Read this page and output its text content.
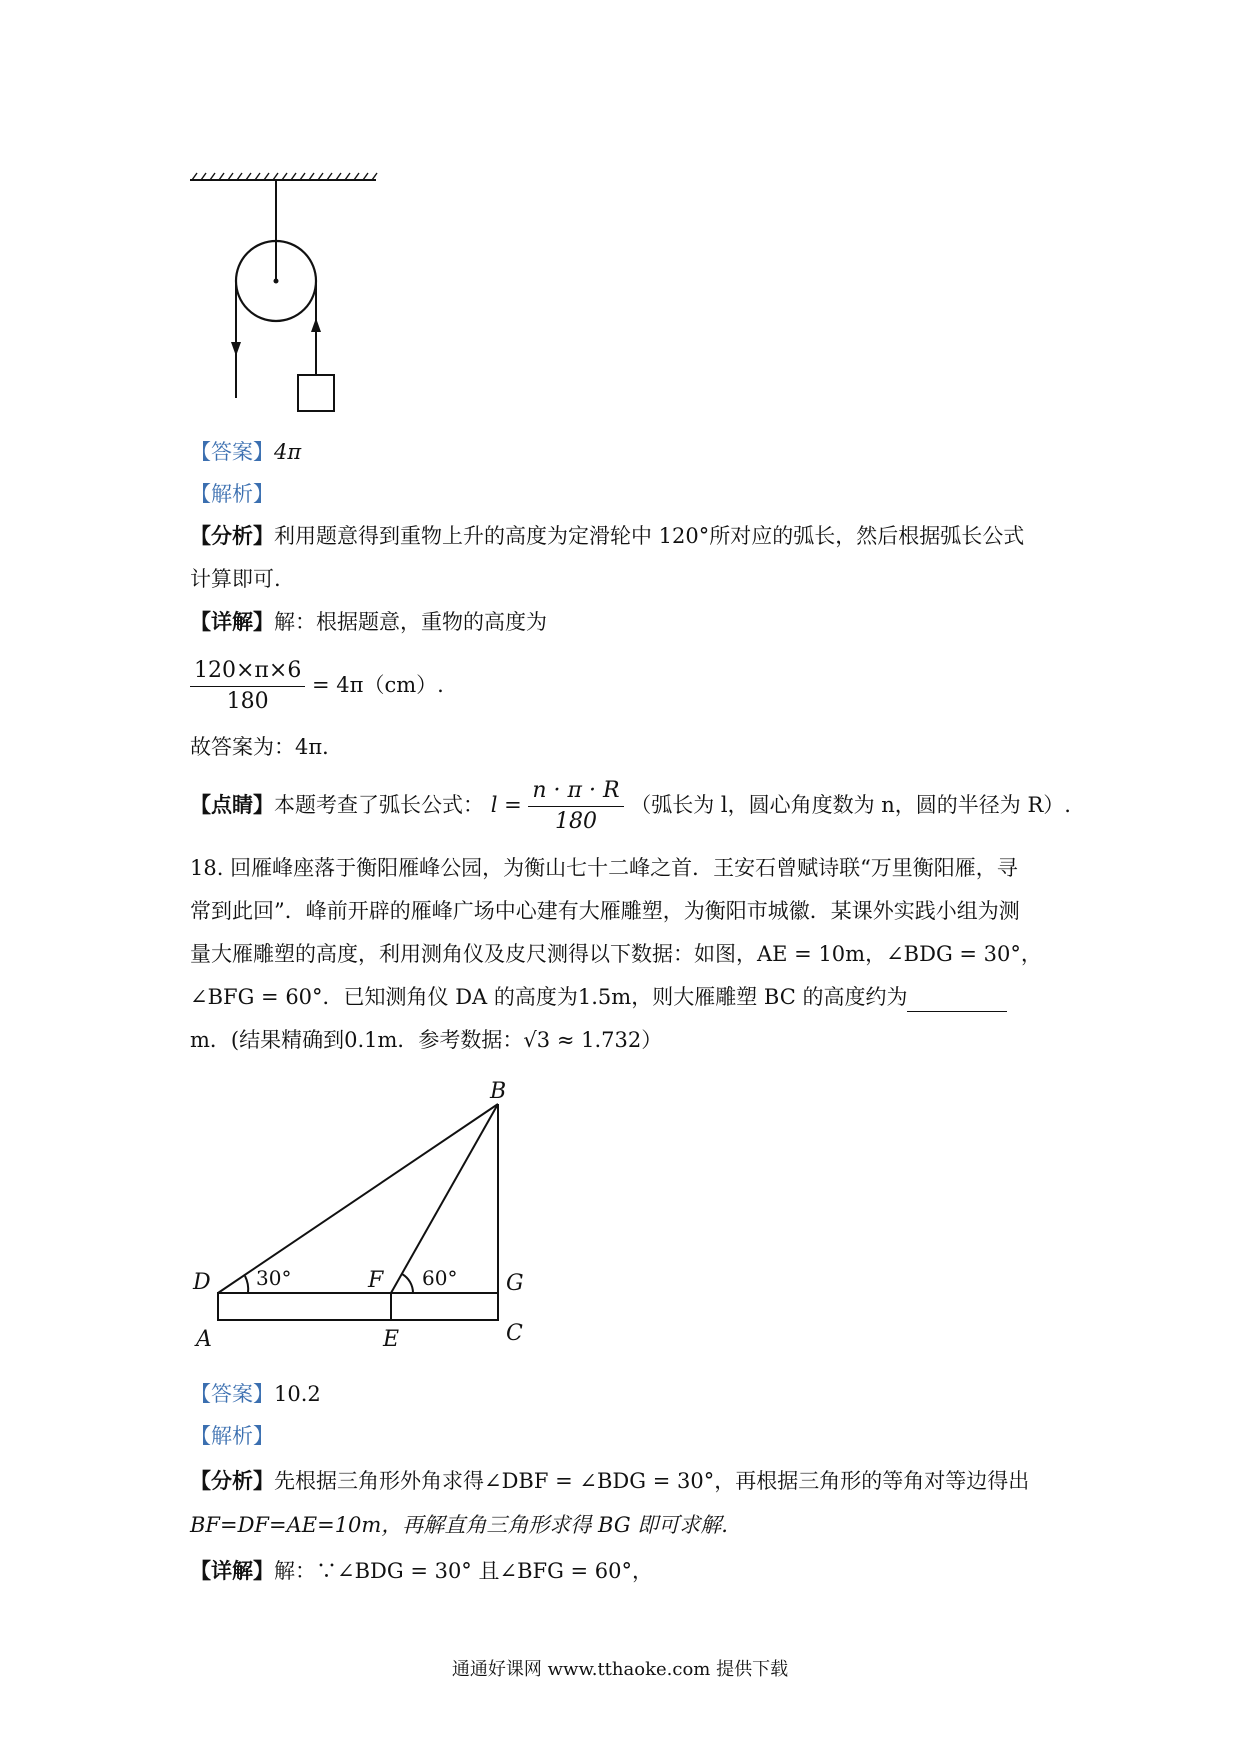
【答案】4π
【解析】
【分析】利用题意得到重物上升的高度为定滑轮中 120°所对应的弧长，然后根据弧长公式
计算即可.
【详解】解：根据题意，重物的高度为
$\frac{120\times\pi\times 6}{180} = 4\pi(cm)$.
故答案为：4π．
【点睛】本题考查了弧长公式： $l = \frac{n \cdot \pi \cdot R}{180}$ （弧长为 l，圆心角度数为 n，圆的半径为 R）.
18. 回雁峰座落于衡阳雁峰公园，为衡山七十二峰之首．王安石曾赋诗联“万里衡阳雁，寻
常到此回”．峰前开辟的雁峰广场中心建有大雁雕塑，为衡阳市城徽．某课外实践小组为测
量大雁雕塑的高度，利用测角仪及皮尺测得以下数据：如图，AE = 10m，∠BDG = 30°，
∠BFG = 60°．已知测角仪 DA 的高度为1.5m，则大雁雕塑 BC 的高度约为
m．(结果精确到0.1m．参考数据：√3 ≈ 1.732）
B
D	F	G
A	E	C
30°	60°
【答案】10.2
【解析】
【分析】先根据三角形外角求得∠DBF = ∠BDG = 30°，再根据三角形的等角对等边得出
BF=DF=AE=10m，再解直角三角形求得 BG 即可求解.
【详解】解：∵∠BDG = 30° 且∠BFG = 60°，
通通好课网 www.tthaoke.com 提供下载
